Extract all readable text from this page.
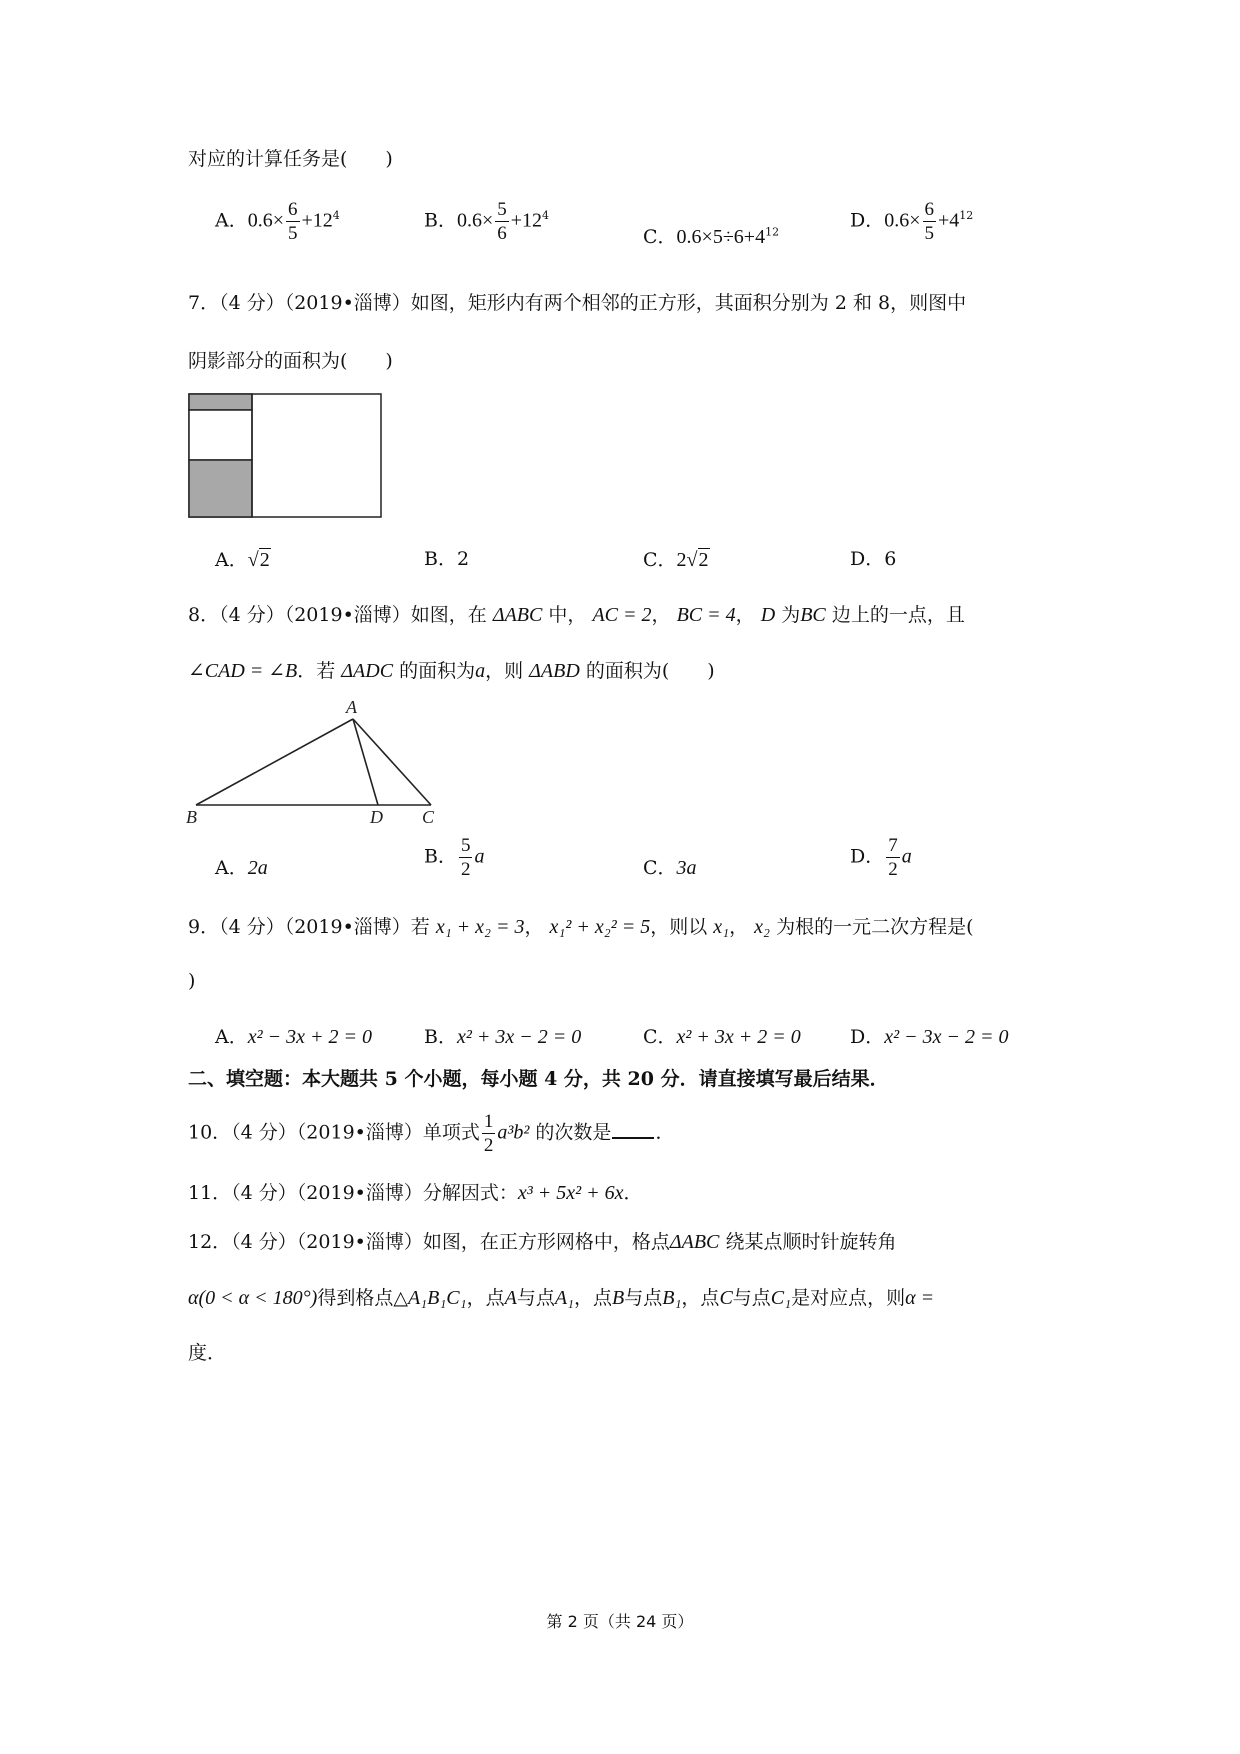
对应的计算任务是(　　)
A．$0.6\times \frac{6}{5} +12^4$	B．$0.6\times \frac{5}{6} +12^4$
C．$0.6\times 5\div 6+4^{12}$
D．$0.6\times \frac{6}{5} +4^{12}$
7．（4 分）（2019•淄博）如图，矩形内有两个相邻的正方形，其面积分别为 2 和 8，则图中
阴影部分的面积为(　　)
A．√2	B．2	C．2√2	D．6
8．（4 分）（2019•淄博）如图，在 ΔABC 中， AC = 2， BC = 4， D 为BC 边上的一点，且
∠CAD = ∠B．若 ΔADC 的面积为a，则 ΔABD 的面积为(　　)
A
B	D C
A．2a
B． $\frac{5}{2}$ a
C．3a
D． $\frac{7}{2}$ a
9．（4 分）（2019•淄博）若 x₁ + x₂ = 3， x₁² + x₂² = 5，则以 x₁， x₂ 为根的一元二次方程是(
)
A．x² − 3x + 2 = 0	B．x² + 3x − 2 = 0	C．x² + 3x + 2 = 0	D．x² − 3x − 2 = 0
二、填空题：本大题共 5 个小题，每小题 4 分，共 20 分．请直接填写最后结果．
10．（4 分）（2019•淄博）单项式 $\frac{1}{2} a^3b^2$ 的次数是 ．
11．（4 分）（2019•淄博）分解因式：x³ + 5x² + 6x．
12．（4 分）（2019•淄博）如图，在正方形网格中，格点ΔABC 绕某点顺时针旋转角
α(0 < α < 180°)得到格点△A₁B₁C₁，点A与点A₁，点B与点B₁，点C与点C₁是对应点，则α =
度．
第 2 页（共 24 页）
